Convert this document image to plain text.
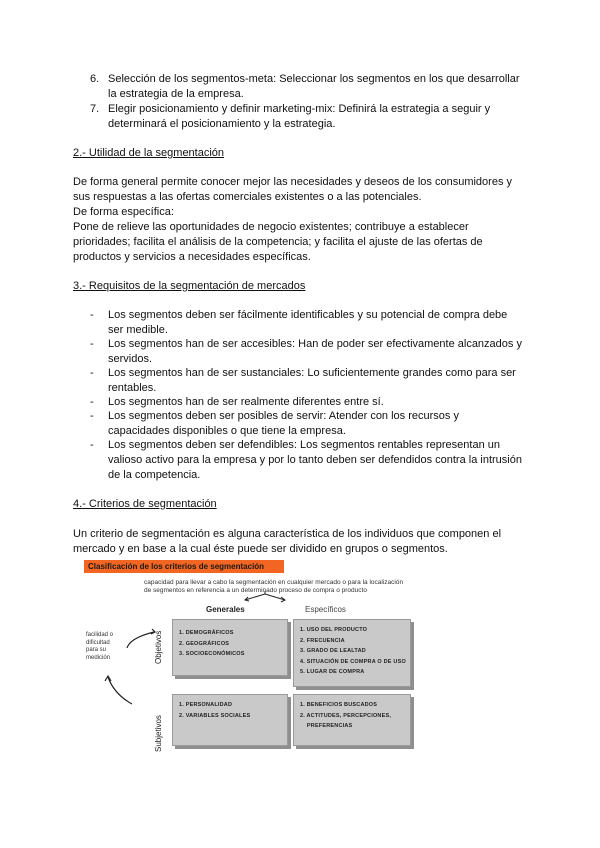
6. Selección de los segmentos-meta: Seleccionar los segmentos en los que desarrollar
la estrategia de la empresa.
7. Elegir posicionamiento y definir marketing-mix: Definirá la estrategia a seguir y
determinará el posicionamiento y la estrategia.
2.- Utilidad de la segmentación
De forma general permite conocer mejor las necesidades y deseos de los consumidores y
sus respuestas a las ofertas comerciales existentes o a las potenciales.
De forma específica:
Pone de relieve las oportunidades de negocio existentes; contribuye a establecer
prioridades; facilita el análisis de la competencia; y facilita el ajuste de las ofertas de
productos y servicios a necesidades específicas.
3.- Requisitos de la segmentación de mercados
- Los segmentos deben ser fácilmente identificables y su potencial de compra debe
ser medible.
- Los segmentos han de ser accesibles: Han de poder ser efectivamente alcanzados y
servidos.
- Los segmentos han de ser sustanciales: Lo suficientemente grandes como para ser
rentables.
- Los segmentos han de ser realmente diferentes entre sí.
- Los segmentos deben ser posibles de servir: Atender con los recursos y
capacidades disponibles o que tiene la empresa.
- Los segmentos deben ser defendibles: Los segmentos rentables representan un
valioso activo para la empresa y por lo tanto deben ser defendidos contra la intrusión
de la competencia.
4.- Criterios de segmentación
Un criterio de segmentación es alguna característica de los individuos que componen el
mercado y en base a la cual éste puede ser dividido en grupos o segmentos.
Clasificación de los criterios de segmentación
capacidad para llevar a cabo la segmentación en cualquier mercado o para la localización
de segmentos en referencia a un determinado proceso de compra o producto
Generales	Específicos
Objetivos
Subjetivos
facilidad o
dificultad
para su
medición
1. DEMOGRÁFICOS
2. GEOGRÁFICOS
3. SOCIOECONÓMICOS
1. USO DEL PRODUCTO
2. FRECUENCIA
3. GRADO DE LEALTAD
4. SITUACIÓN DE COMPRA O DE USO
5. LUGAR DE COMPRA
1. PERSONALIDAD
2. VARIABLES SOCIALES
1. BENEFICIOS BUSCADOS
2. ACTITUDES, PERCEPCIONES,
PREFERENCIAS
